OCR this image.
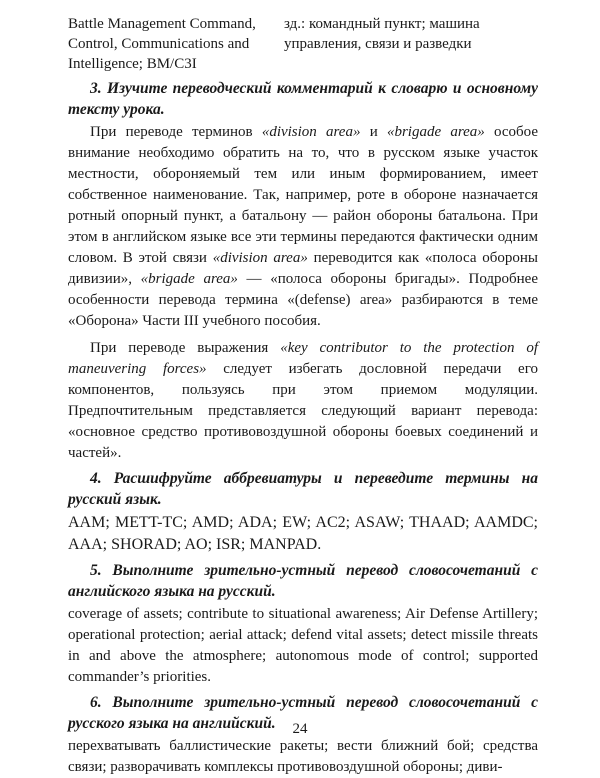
Battle Management Command, Control, Communications and Intelligence; BM/C3I
зд.: командный пункт; машина управления, связи и разведки
3. Изучите переводческий комментарий к словарю и основному тексту урока.

При переводе терминов «division area» и «brigade area» особое внимание необходимо обратить на то, что в русском языке участок местности, обороняемый тем или иным формированием, имеет собственное наименование. Так, например, роте в обороне назначается ротный опорный пункт, а батальону — район обороны батальона. При этом в английском языке все эти термины передаются фактически одним словом. В этой связи «division area» переводится как «полоса обороны дивизии», «brigade area» — «полоса обороны бригады». Подробнее особенности перевода термина «(defense) area» разбираются в теме «Оборона» Части III учебного пособия.

При переводе выражения «key contributor to the protection of maneuvering forces» следует избегать дословной передачи его компонентов, пользуясь при этом приемом модуляции. Предпочтительным представляется следующий вариант перевода: «основное средство противовоздушной обороны боевых соединений и частей».

4. Расшифруйте аббревиатуры и переведите термины на русский язык.

AAM; METT-TC; AMD; ADA; EW; AC2; ASAW; THAAD; AAMDC; AAA; SHORAD; AO; ISR; MANPAD.

5. Выполните зрительно-устный перевод словосочетаний с английского языка на русский.

coverage of assets; contribute to situational awareness; Air Defense Artillery; operational protection; aerial attack; defend vital assets; detect missile threats in and above the atmosphere; autonomous mode of control; supported commander’s priorities.

6. Выполните зрительно-устный перевод словосочетаний с русского языка на английский.

перехватывать баллистические ракеты; вести ближний бой; средства связи; разворачивать комплексы противовоздушной обороны; диви-

24
